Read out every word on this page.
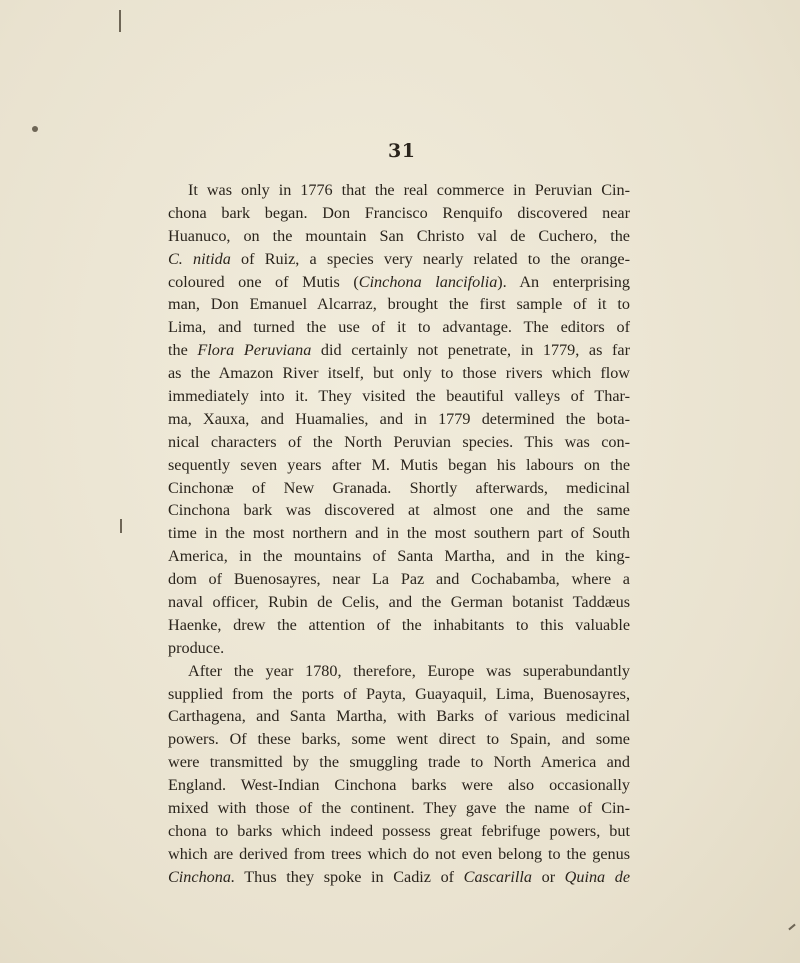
31
It was only in 1776 that the real commerce in Peruvian Cin-
chona bark began. Don Francisco Renquifo discovered near
Huanuco, on the mountain San Christo val de Cuchero, the
C. nitida of Ruiz, a species very nearly related to the orange-
coloured one of Mutis (Cinchona lancifolia). An enterprising
man, Don Emanuel Alcarraz, brought the first sample of it to
Lima, and turned the use of it to advantage. The editors of
the Flora Peruviana did certainly not penetrate, in 1779, as far
as the Amazon River itself, but only to those rivers which flow
immediately into it. They visited the beautiful valleys of Thar-
ma, Xauxa, and Huamalies, and in 1779 determined the bota-
nical characters of the North Peruvian species. This was con-
sequently seven years after M. Mutis began his labours on the
Cinchonæ of New Granada. Shortly afterwards, medicinal
Cinchona bark was discovered at almost one and the same
time in the most northern and in the most southern part of South
America, in the mountains of Santa Martha, and in the king-
dom of Buenosayres, near La Paz and Cochabamba, where a
naval officer, Rubin de Celis, and the German botanist Taddæus
Haenke, drew the attention of the inhabitants to this valuable
produce.
After the year 1780, therefore, Europe was superabundantly
supplied from the ports of Payta, Guayaquil, Lima, Buenosayres,
Carthagena, and Santa Martha, with Barks of various medicinal
powers. Of these barks, some went direct to Spain, and some
were transmitted by the smuggling trade to North America and
England. West-Indian Cinchona barks were also occasionally
mixed with those of the continent. They gave the name of Cin-
chona to barks which indeed possess great febrifuge powers, but
which are derived from trees which do not even belong to the genus
Cinchona. Thus they spoke in Cadiz of Cascarilla or Quina de
